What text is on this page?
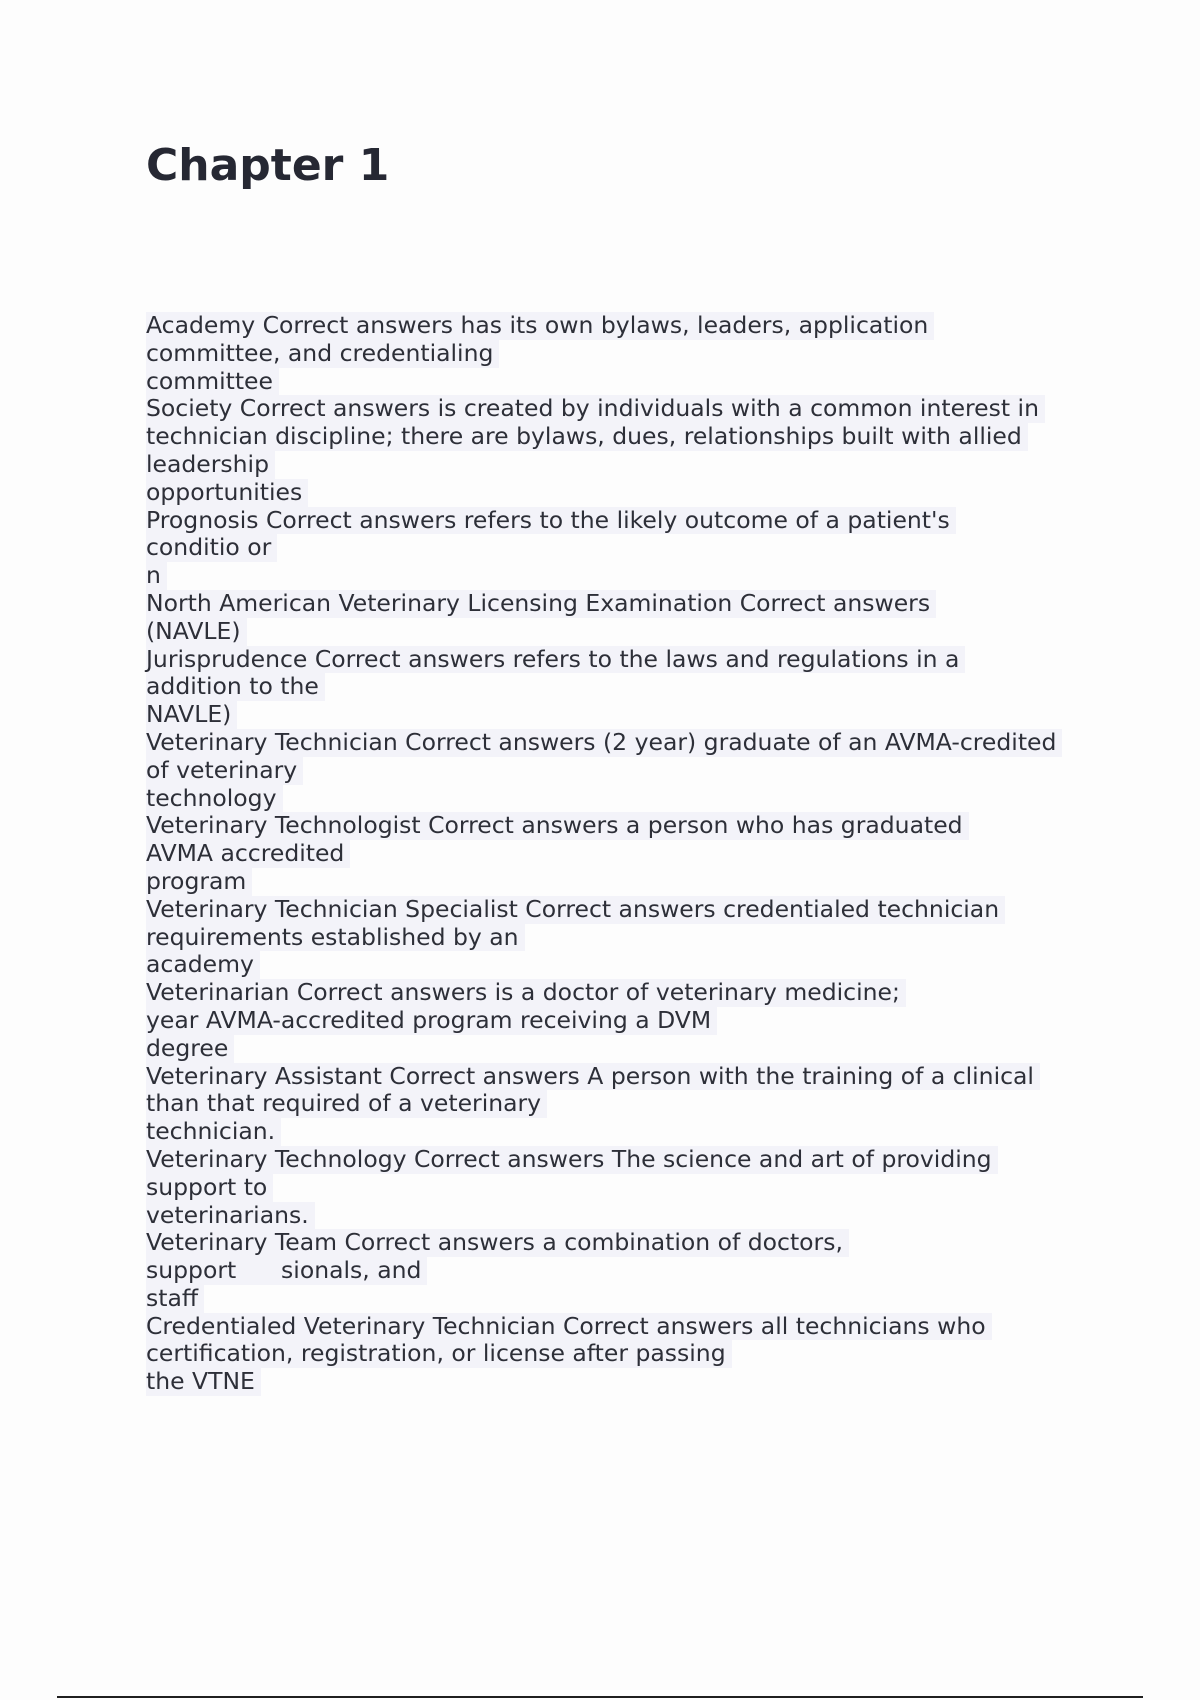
Chapter 1
Academy Correct answers has its own bylaws, leaders, application
committee, and credentialing
committee
Society Correct answers is created by individuals with a common interest in
technician discipline; there are bylaws, dues, relationships built with allied
leadership
opportunities
Prognosis Correct answers refers to the likely outcome of a patient's
conditio or
n
North American Veterinary Licensing Examination Correct answers
(NAVLE)
Jurisprudence Correct answers refers to the laws and regulations in a
addition to the
NAVLE)
Veterinary Technician Correct answers (2 year) graduate of an AVMA-credited
of veterinary
technology
Veterinary Technologist Correct answers a person who has graduated
AVMA accredited
program
Veterinary Technician Specialist Correct answers credentialed technician
requirements established by an
academy
Veterinarian Correct answers is a doctor of veterinary medicine;
year AVMA-accredited program receiving a DVM
degree
Veterinary Assistant Correct answers A person with the training of a clinical
than that required of a veterinary
technician.
Veterinary Technology Correct answers The science and art of providing
support to
veterinarians.
Veterinary Team Correct answers a combination of doctors,
support      sionals, and
staff
Credentialed Veterinary Technician Correct answers all technicians who
certification, registration, or license after passing
the VTNE
